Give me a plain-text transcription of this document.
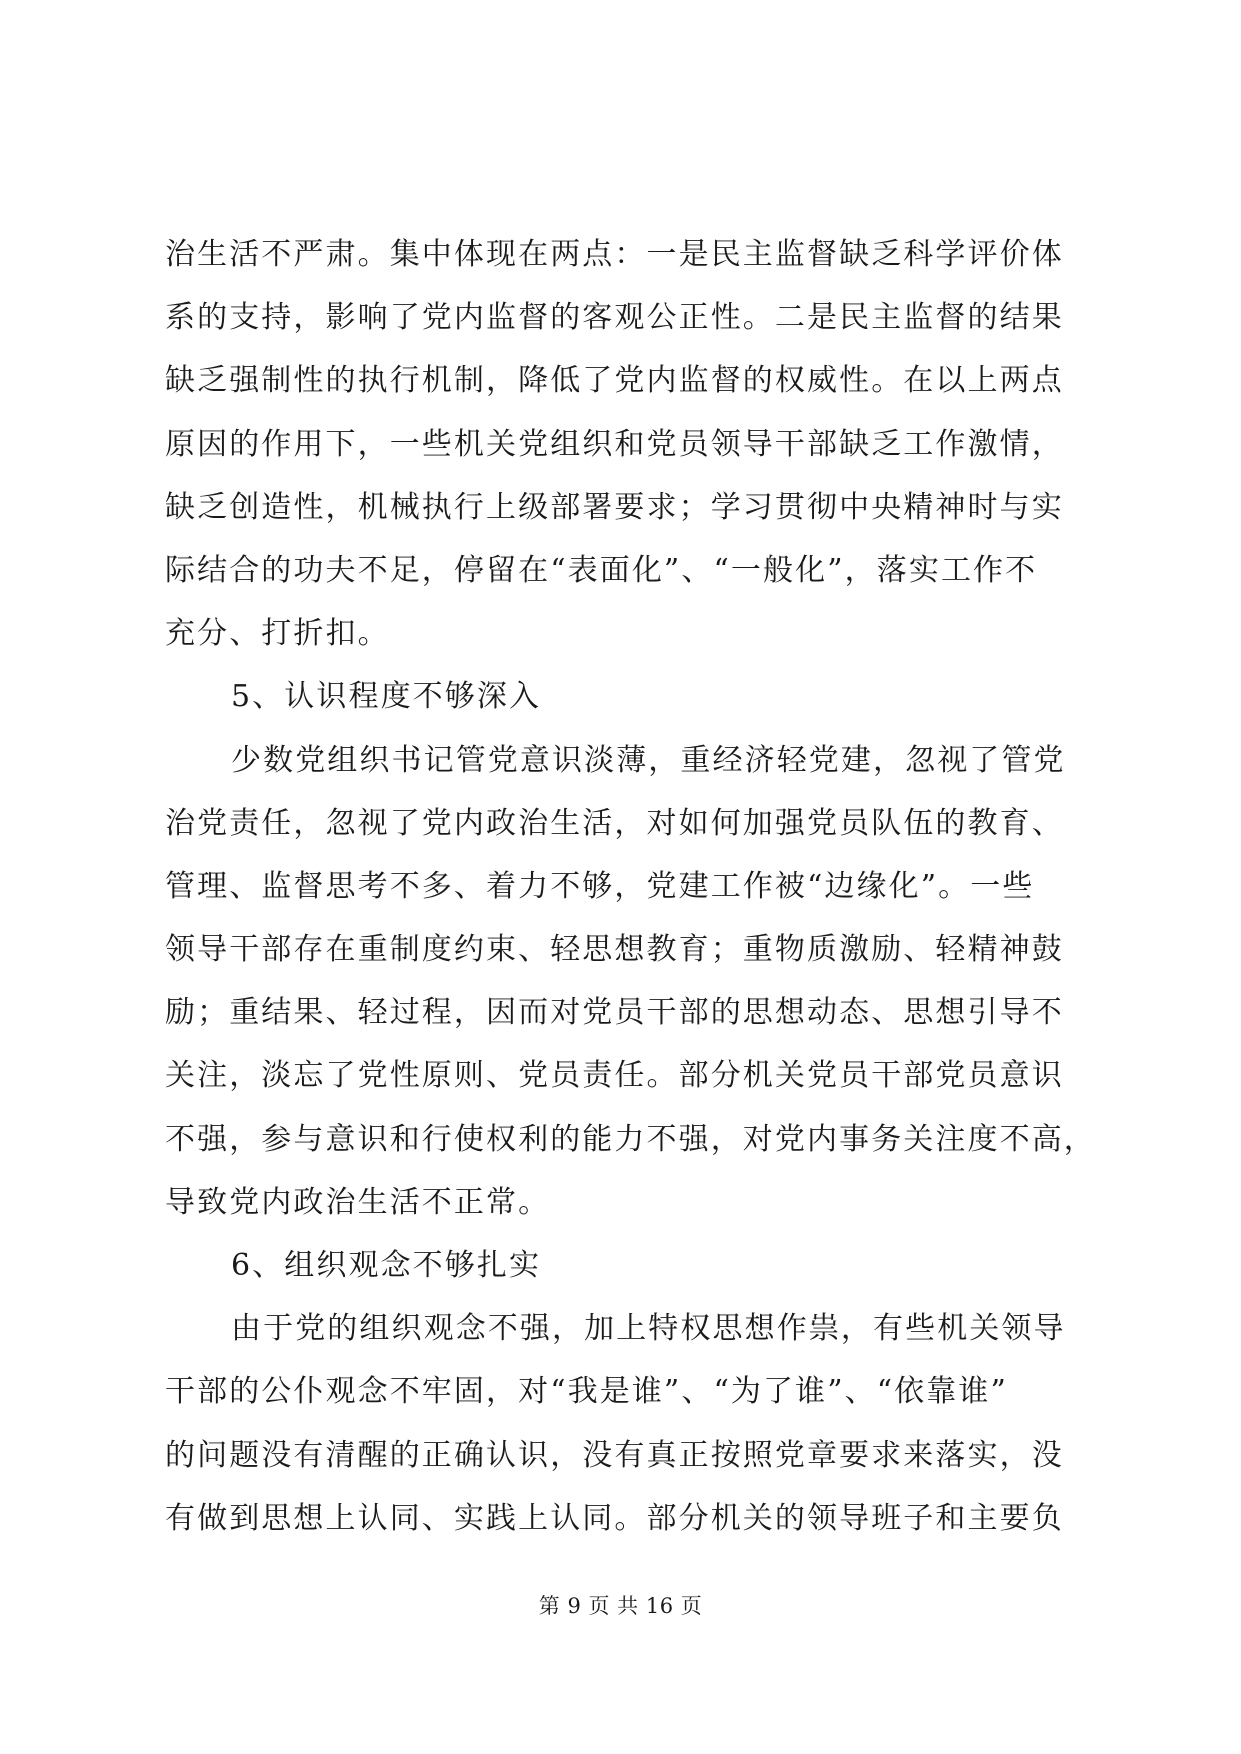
治生活不严肃。集中体现在两点：一是民主监督缺乏科学评价体
系的支持，影响了党内监督的客观公正性。二是民主监督的结果
缺乏强制性的执行机制，降低了党内监督的权威性。在以上两点
原因的作用下，一些机关党组织和党员领导干部缺乏工作激情，
缺乏创造性，机械执行上级部署要求；学习贯彻中央精神时与实
际结合的功夫不足，停留在“表面化”、“一般化”，落实工作不
充分、打折扣。
5、认识程度不够深入
少数党组织书记管党意识淡薄，重经济轻党建，忽视了管党
治党责任，忽视了党内政治生活，对如何加强党员队伍的教育、
管理、监督思考不多、着力不够，党建工作被“边缘化”。一些
领导干部存在重制度约束、轻思想教育；重物质激励、轻精神鼓
励；重结果、轻过程，因而对党员干部的思想动态、思想引导不
关注，淡忘了党性原则、党员责任。部分机关党员干部党员意识
不强，参与意识和行使权利的能力不强，对党内事务关注度不高，
导致党内政治生活不正常。
6、组织观念不够扎实
由于党的组织观念不强，加上特权思想作祟，有些机关领导
干部的公仆观念不牢固，对“我是谁”、“为了谁”、“依靠谁”
的问题没有清醒的正确认识，没有真正按照党章要求来落实，没
有做到思想上认同、实践上认同。部分机关的领导班子和主要负
第 9 页 共 16 页
